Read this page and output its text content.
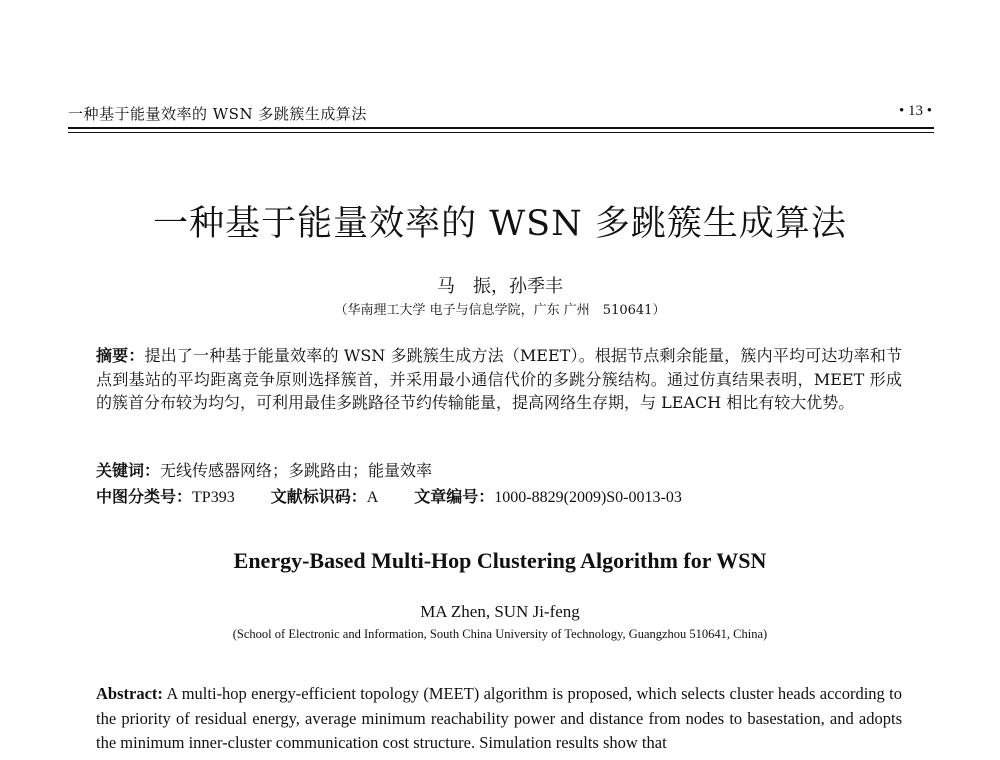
一种基于能量效率的 WSN 多跳簇生成算法	• 13 •
一种基于能量效率的 WSN 多跳簇生成算法
马　振，孙季丰
（华南理工大学 电子与信息学院，广东 广州　510641）
摘要：提出了一种基于能量效率的 WSN 多跳簇生成方法（MEET）。根据节点剩余能量，簇内平均可达功率和节点到基站的平均距离竞争原则选择簇首，并采用最小通信代价的多跳分簇结构。通过仿真结果表明，MEET 形成的簇首分布较为均匀，可利用最佳多跳路径节约传输能量，提高网络生存期，与 LEACH 相比有较大优势。
关键词：无线传感器网络；多跳路由；能量效率
中图分类号：TP393 文献标识码：A 文章编号：1000-8829(2009)S0-0013-03
Energy-Based Multi-Hop Clustering Algorithm for WSN
MA Zhen, SUN Ji-feng
(School of Electronic and Information, South China University of Technology, Guangzhou 510641, China)
Abstract: A multi-hop energy-efficient topology (MEET) algorithm is proposed, which selects cluster heads according to the priority of residual energy, average minimum reachability power and distance from nodes to basestation, and adopts the minimum inner-cluster communication cost structure. Simulation results show that
